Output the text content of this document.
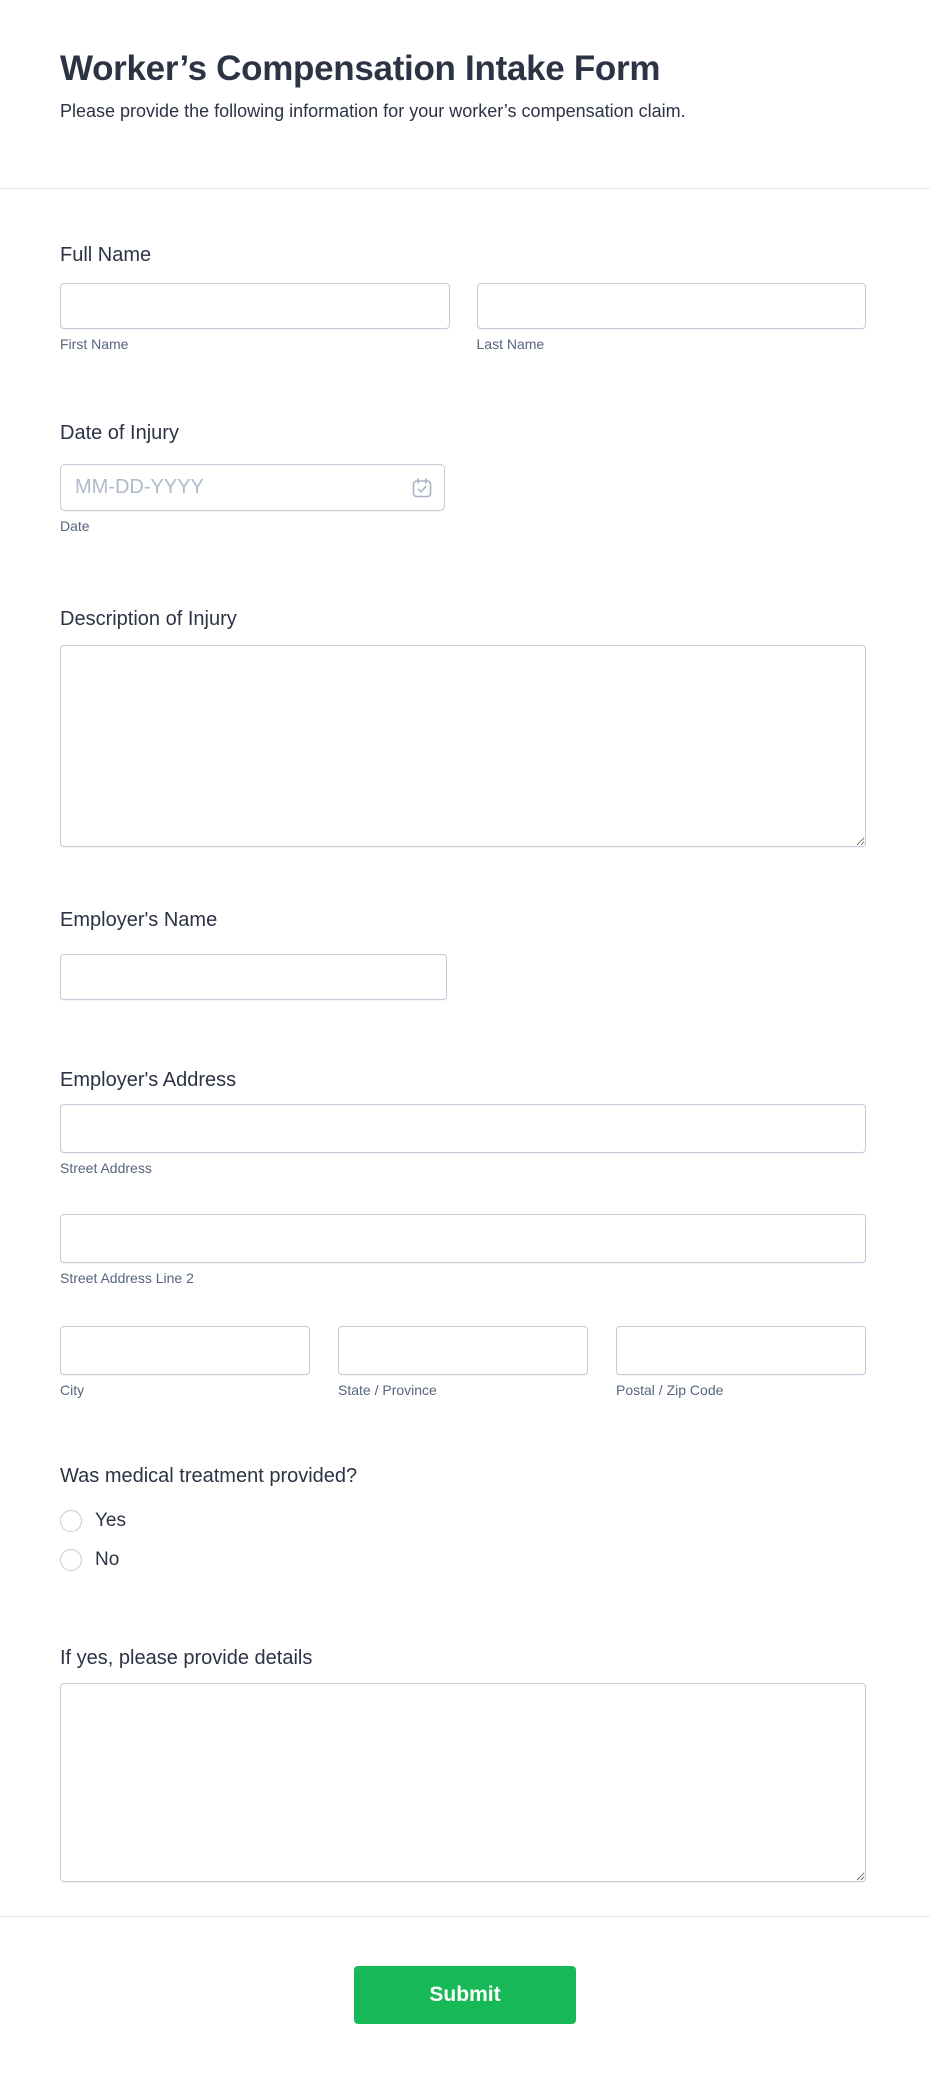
Worker’s Compensation Intake Form

Please provide the following information for your worker’s compensation claim.

Full Name
First Name	Last Name
Date of Injury
MM-DD-YYYY
Date
Description of Injury
Employer's Name
Employer's Address
Street Address
Street Address Line 2
City	State / Province	Postal / Zip Code
Was medical treatment provided?
Yes
No
If yes, please provide details
Submit
